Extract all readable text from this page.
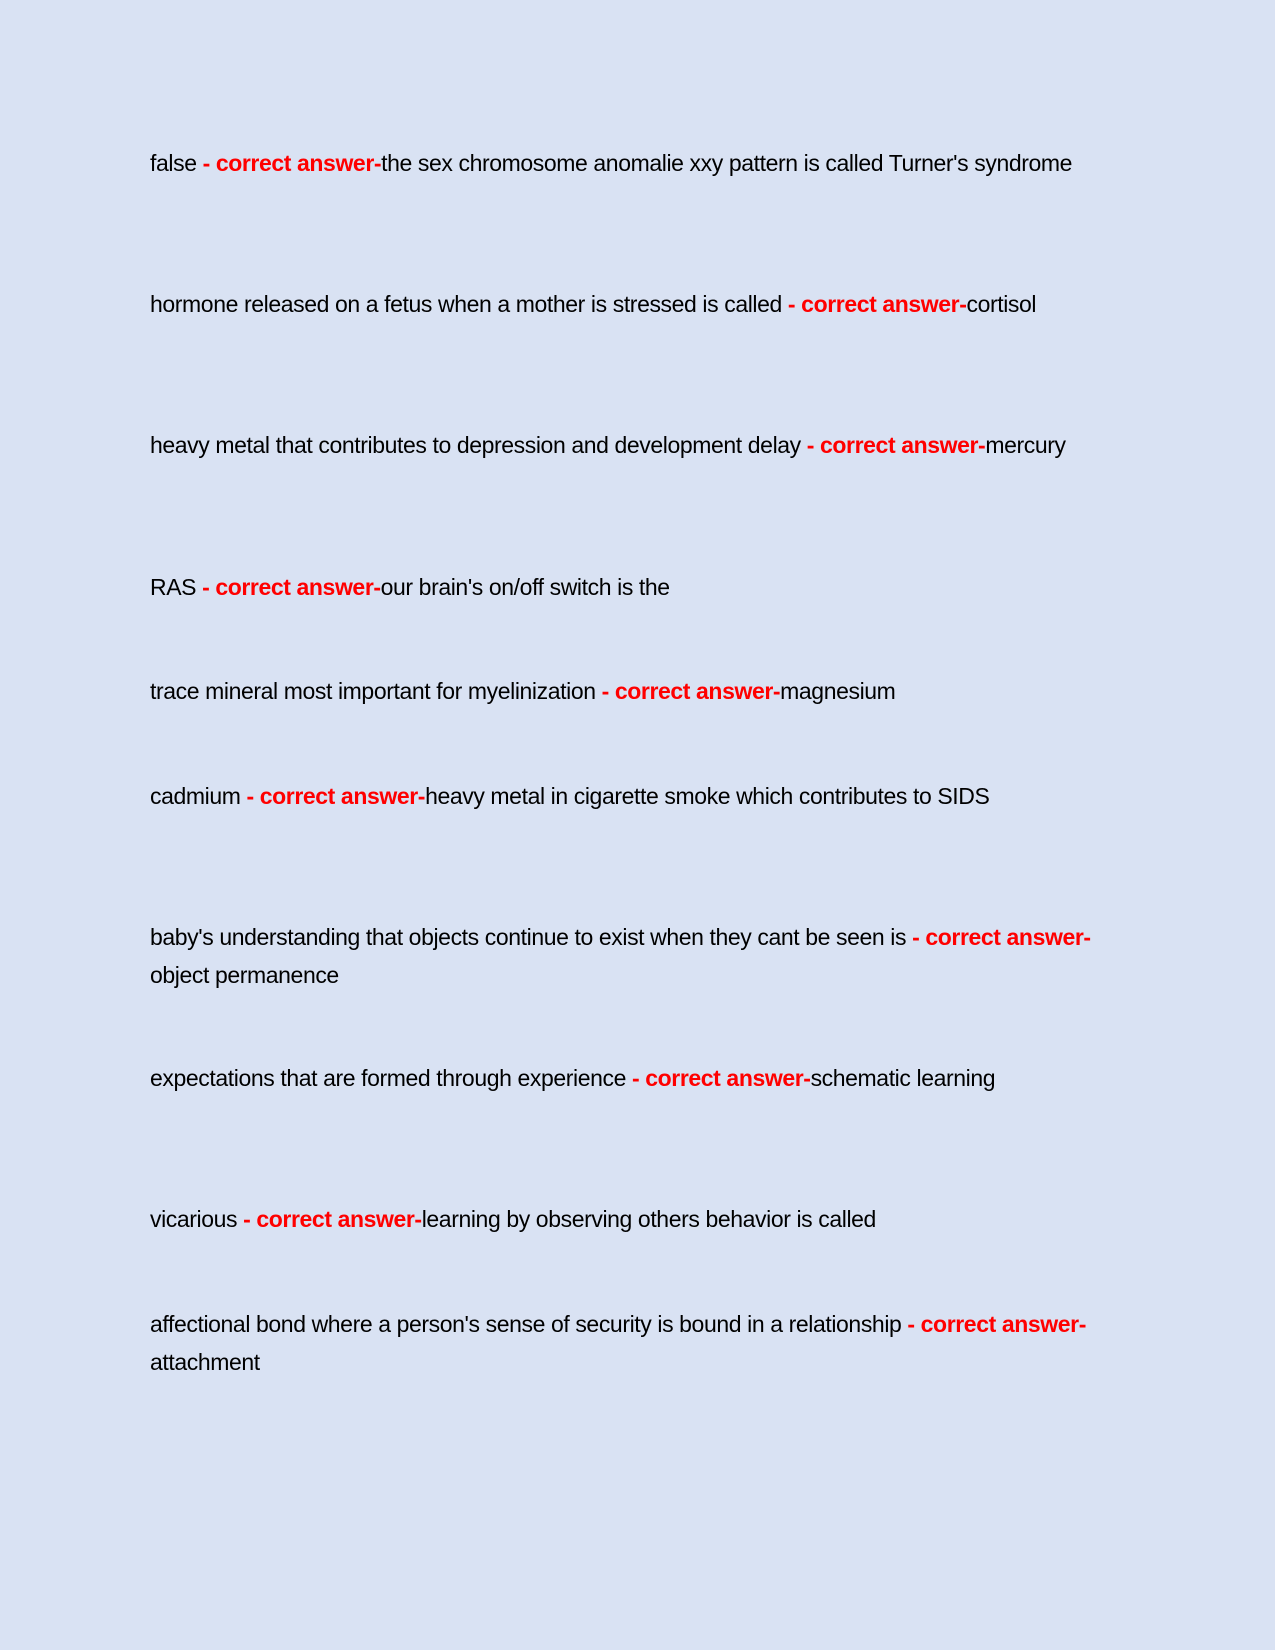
false - correct answer-the sex chromosome anomalie xxy pattern is called Turner's syndrome
hormone released on a fetus when a mother is stressed is called - correct answer-cortisol
heavy metal that contributes to depression and development delay - correct answer-mercury
RAS - correct answer-our brain's on/off switch is the
trace mineral most important for myelinization - correct answer-magnesium
cadmium - correct answer-heavy metal in cigarette smoke which contributes to SIDS
baby's understanding that objects continue to exist when they cant be seen is - correct answer-object permanence
expectations that are formed through experience - correct answer-schematic learning
vicarious - correct answer-learning by observing others behavior is called
affectional bond where a person's sense of security is bound in a relationship - correct answer-attachment
